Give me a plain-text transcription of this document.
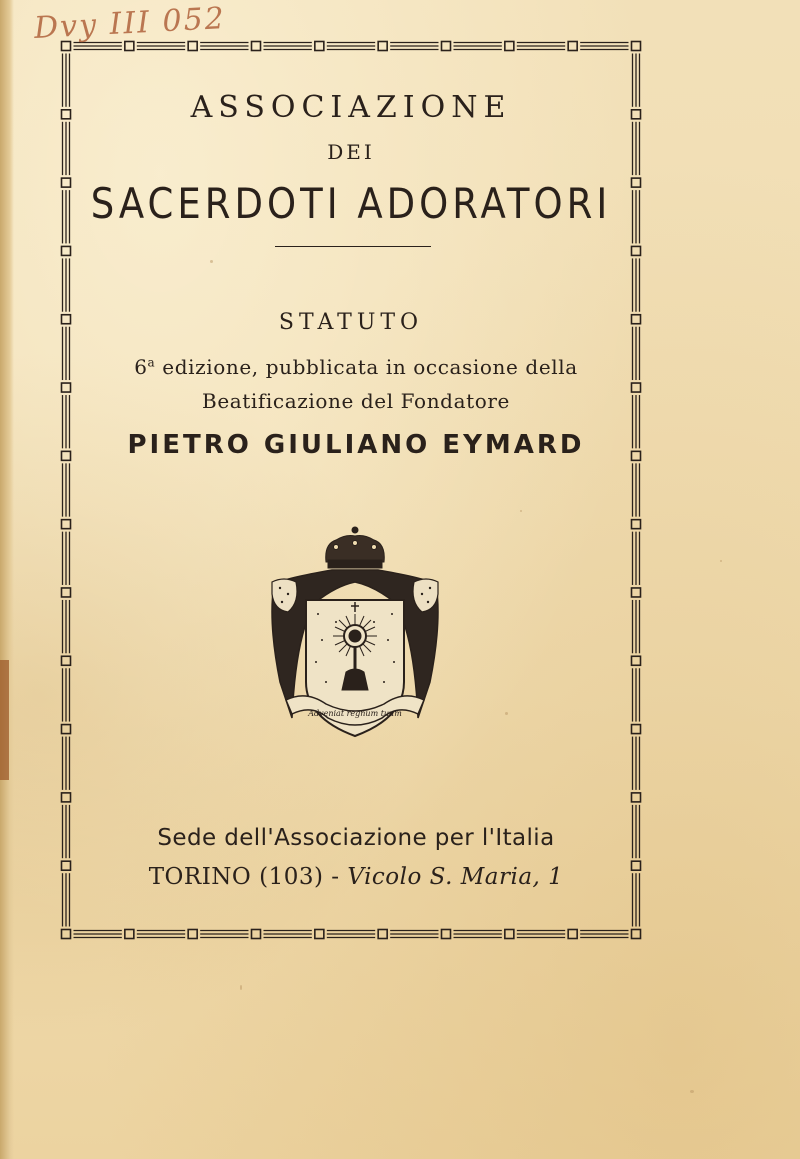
Dvy III 052
ASSOCIAZIONE
DEI
SACERDOTI ADORATORI
STATUTO
6$^a$ edizione, pubblicata in occasione della
Beatificazione del Fondatore
PIETRO GIULIANO EYMARD
Adveniat regnum tuum
Sede dell'Associazione per l'Italia
TORINO (103) - Vicolo S. Maria, 1
